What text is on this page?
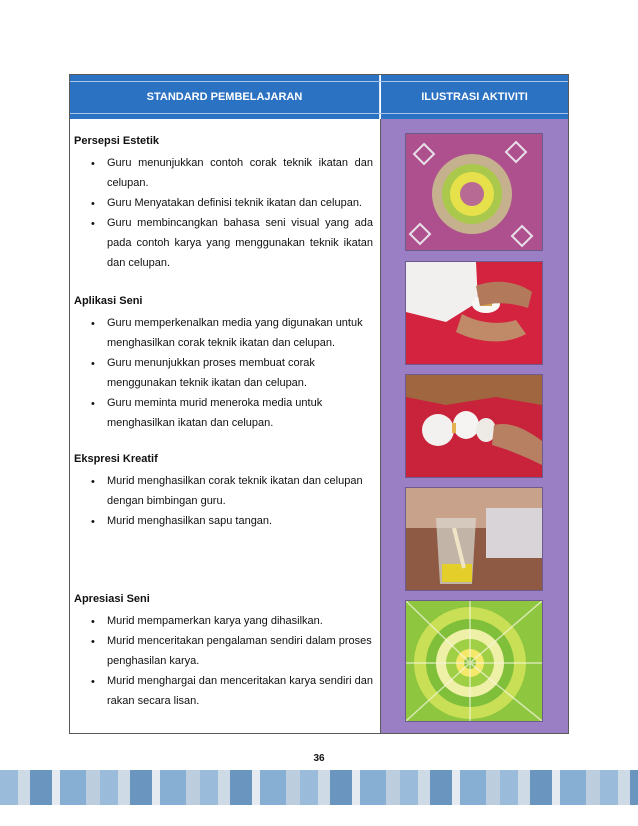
STANDARD PEMBELAJARAN	ILUSTRASI AKTIVITI
Persepsi Estetik
• Guru menunjukkan contoh corak teknik ikatan dan celupan.
• Guru Menyatakan definisi teknik ikatan dan celupan.
• Guru membincangkan bahasa seni visual yang ada pada contoh karya yang menggunakan teknik ikatan dan celupan.
Aplikasi Seni
• Guru memperkenalkan media yang digunakan untuk menghasilkan corak teknik ikatan dan celupan.
• Guru menunjukkan proses membuat corak menggunakan teknik ikatan dan celupan.
• Guru meminta murid meneroka media untuk menghasilkan ikatan dan celupan.
Ekspresi Kreatif
• Murid menghasilkan corak teknik ikatan dan celupan dengan bimbingan guru.
• Murid menghasilkan sapu tangan.
Apresiasi Seni
• Murid mempamerkan karya yang dihasilkan.
• Murid menceritakan pengalaman sendiri dalam proses penghasilan karya.
• Murid menghargai dan menceritakan karya sendiri dan rakan secara lisan.
36
